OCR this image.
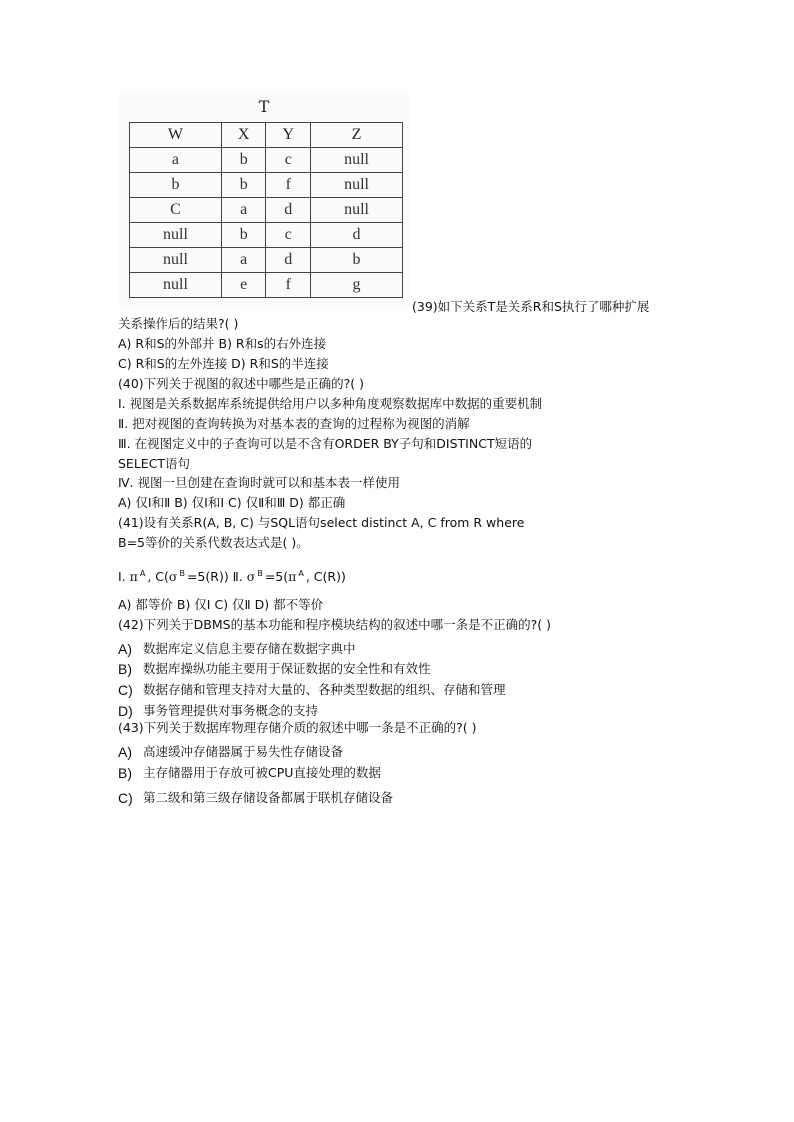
T
W	X	Y	Z
a	b	c	null
b	b	f	null
C	a	d	null
null	b	c	d
null	a	d	b
null	e	f	g
(39)如下关系T是关系R和S执行了哪种扩展
关系操作后的结果?( )
A) R和S的外部并 B) R和s的右外连接
C) R和S的左外连接 D) R和S的半连接
(40)下列关于视图的叙述中哪些是正确的?( )
Ⅰ. 视图是关系数据库系统提供给用户以多种角度观察数据库中数据的重要机制
Ⅱ. 把对视图的查询转换为对基本表的查询的过程称为视图的消解
Ⅲ. 在视图定义中的子查询可以是不含有ORDER BY子句和DISTINCT短语的
SELECT语句
Ⅳ. 视图一旦创建在查询时就可以和基本表一样使用
A) 仅Ⅰ和Ⅱ B) 仅Ⅰ和Ⅰ C) 仅Ⅱ和Ⅲ D) 都正确
(41)设有关系R(A, B, C) 与SQL语句select distinct A, C from R where
B=5等价的关系代数表达式是( )。
Ⅰ. π $^A$ , C(σ $^B$ =5(R)) Ⅱ. σ $^B$ =5(π $^A$ , C(R))
A) 都等价 B) 仅Ⅰ C) 仅Ⅱ D) 都不等价
(42)下列关于DBMS的基本功能和程序模块结构的叙述中哪一条是不正确的?( )
A) 数据库定义信息主要存储在数据字典中
B) 数据库操纵功能主要用于保证数据的安全性和有效性
C) 数据存储和管理支持对大量的、各种类型数据的组织、存储和管理
D) 事务管理提供对事务概念的支持
(43)下列关于数据库物理存储介质的叙述中哪一条是不正确的?( )
A) 高速缓冲存储器属于易失性存储设备
B) 主存储器用于存放可被CPU直接处理的数据
C) 第二级和第三级存储设备都属于联机存储设备
